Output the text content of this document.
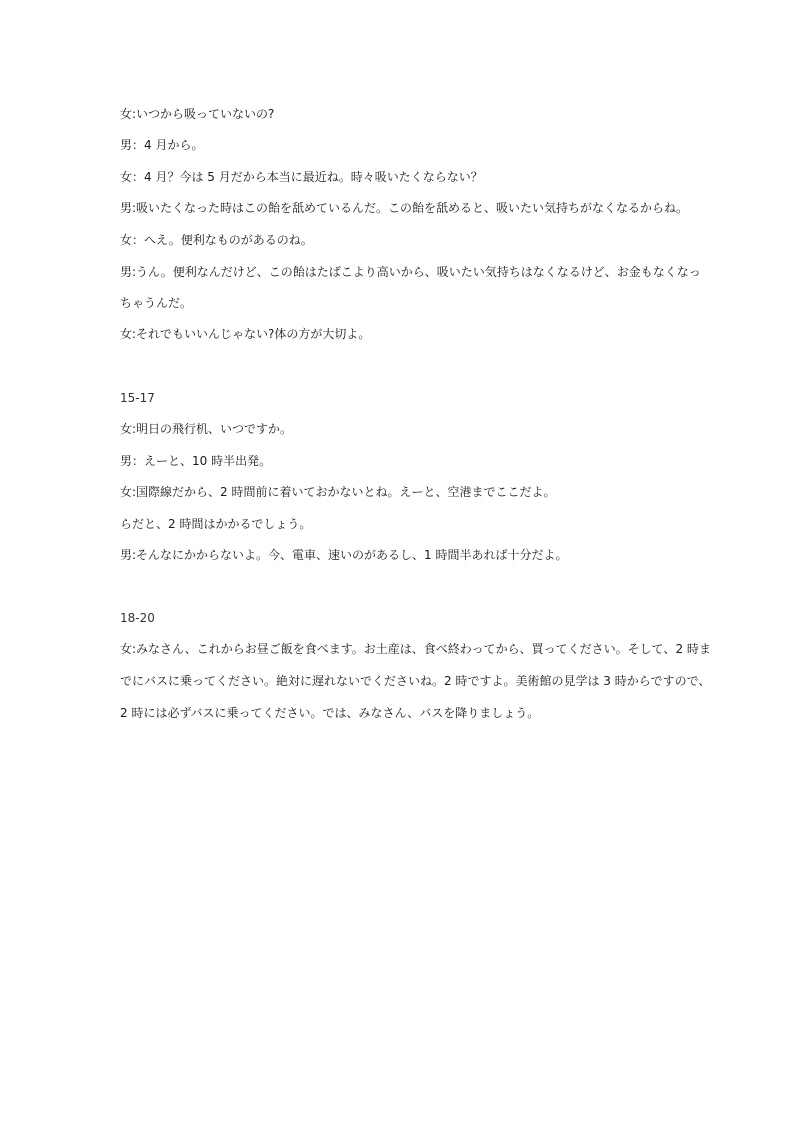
女:いつから吸っていないの?
男：4 月から。
女：4 月？今は 5 月だから本当に最近ね。時々吸いたくならない？
男:吸いたくなった時はこの飴を舐めているんだ。この飴を舐めると、吸いたい気持ちがなくなるからね。
女：へえ。便利なものがあるのね。
男:うん。便利なんだけど、この飴はたばこより高いから、吸いたい気持ちはなくなるけど、お金もなくなっ
ちゃうんだ。
女:それでもいいんじゃない?体の方が大切よ。
15-17
女:明日の飛行机、いつですか。
男：えーと、10 時半出発。
女:国際線だから、2 時間前に着いておかないとね。えーと、空港までここだよ。
らだと、2 時間はかかるでしょう。
男:そんなにかからないよ。今、電車、速いのがあるし、1 時間半あれば十分だよ。
18-20
女:みなさん、これからお昼ご飯を食べます。お土産は、食べ終わってから、買ってください。そして、2 時ま
でにバスに乗ってください。絶対に遅れないでくださいね。2 時ですよ。美術館の見学は 3 時からですので、
2 時には必ずバスに乗ってください。では、みなさん、バスを降りましょう。
